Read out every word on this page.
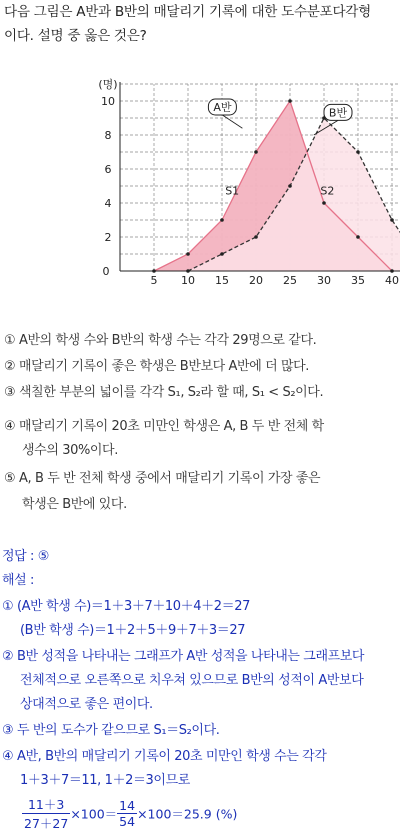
다음 그림은 A반과 B반의 매달리기 기록에 대한 도수분포다각형
이다. 설명 중 옳은 것은?
5 10 15 20 25 30 35 40
0
2
4
6
8
10
(명)
A반	B반
S1	S2
① A반의 학생 수와 B반의 학생 수는 각각 29명으로 같다.
② 매달리기 기록이 좋은 학생은 B반보다 A반에 더 많다.
③ 색칠한 부분의 넓이를 각각 S₁, S₂라 할 때, S₁ < S₂이다.
④ 매달리기 기록이 20초 미만인 학생은 A, B 두 반 전체 학
생수의 30%이다.
⑤ A, B 두 반 전체 학생 중에서 매달리기 기록이 가장 좋은
학생은 B반에 있다.
정답 : ⑤
해설 :
① (A반 학생 수)＝1＋3＋7＋10＋4＋2＝27
(B반 학생 수)＝1＋2＋5＋9＋7＋3＝27
② B반 성적을 나타내는 그래프가 A반 성적을 나타내는 그래프보다
전체적으로 오른쪽으로 치우쳐 있으므로 B반의 성적이 A반보다
상대적으로 좋은 편이다.
③ 두 반의 도수가 같으므로 S₁＝S₂이다.
④ A반, B반의 매달리기 기록이 20초 미만인 학생 수는 각각
1＋3＋7＝11, 1＋2＝3이므로
$\frac{11+3}{27+27} \times 100= \frac{14}{54} \times 100=25.9$ (%)
